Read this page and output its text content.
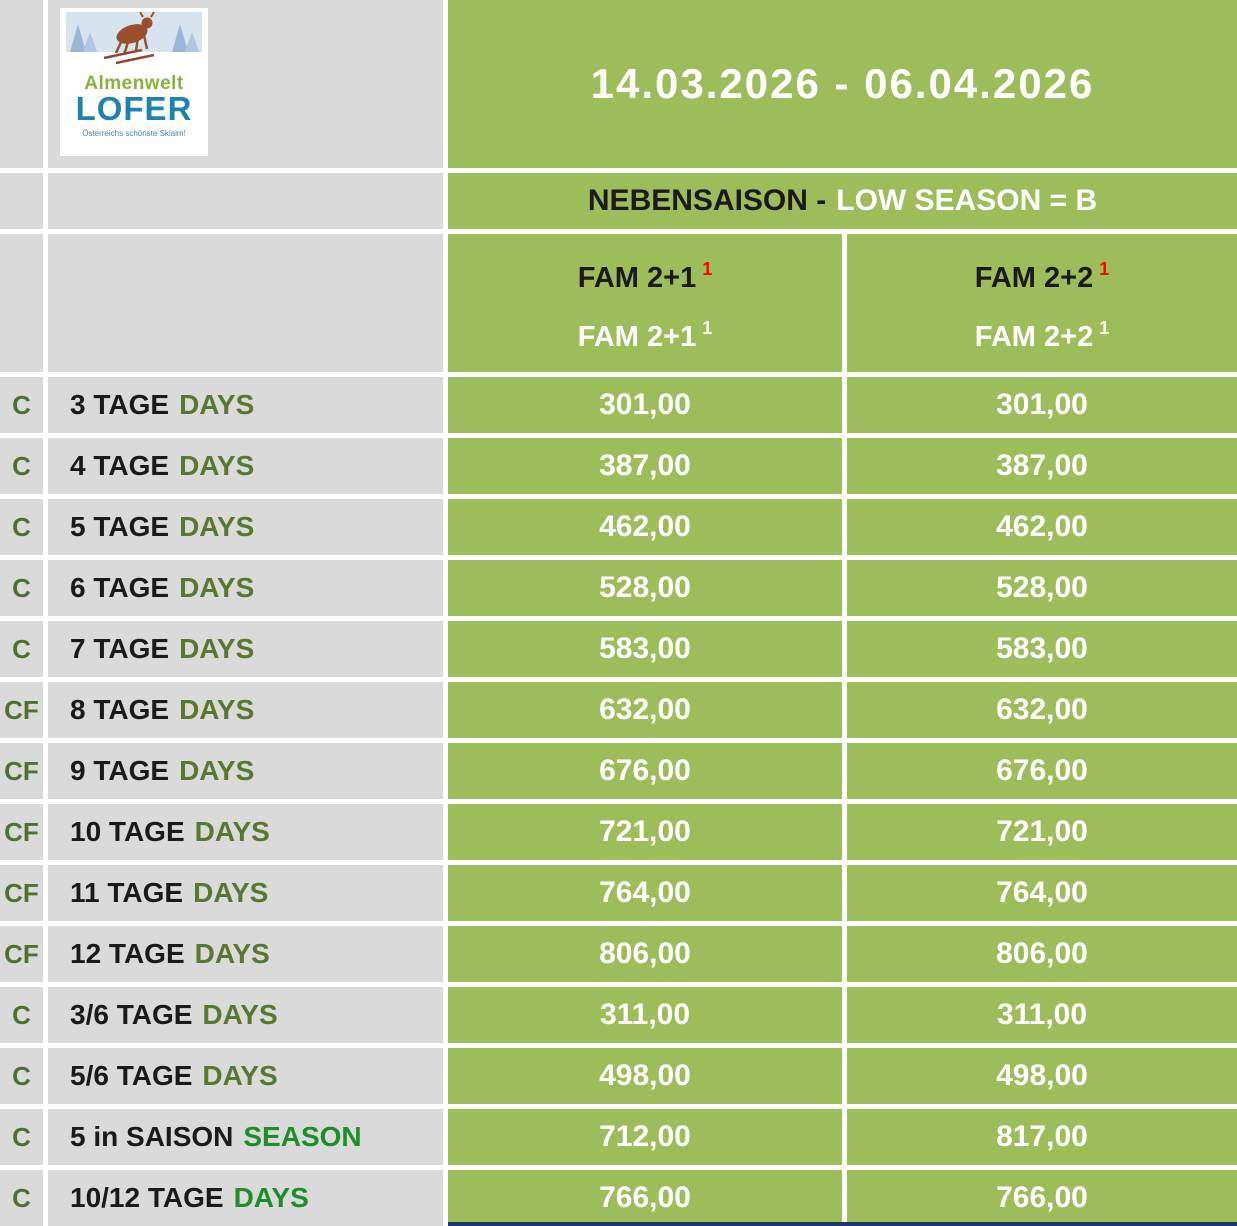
Almenwelt
LOFER
Österreichs schönste Skialm!
14.03.2026 - 06.04.2026
NEBENSAISON - LOW SEASON = B
FAM 2+1 $^1$
FAM 2+1 $^1$
FAM 2+2 $^1$
FAM 2+2 $^1$
C 3 TAGE DAYS	301,00	301,00
C 4 TAGE DAYS	387,00	387,00
C 5 TAGE DAYS	462,00	462,00
C 6 TAGE DAYS	528,00	528,00
C 7 TAGE DAYS	583,00	583,00
CF 8 TAGE DAYS	632,00	632,00
CF 9 TAGE DAYS	676,00	676,00
CF 10 TAGE DAYS	721,00	721,00
CF 11 TAGE DAYS	764,00	764,00
CF 12 TAGE DAYS	806,00	806,00
C 3/6 TAGE DAYS	311,00	311,00
C 5/6 TAGE DAYS	498,00	498,00
C 5 in SAISON SEASON	712,00	817,00
C 10/12 TAGE DAYS	766,00	766,00
